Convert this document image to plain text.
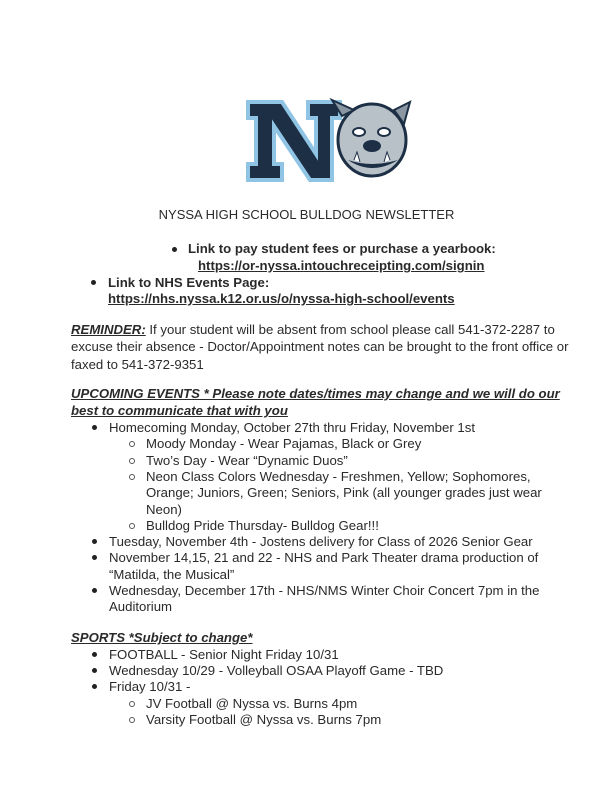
NYSSA HIGH SCHOOL BULLDOG NEWSLETTER
Link to pay student fees or purchase a yearbook:
https://or-nyssa.intouchreceipting.com/signin
Link to NHS Events Page:
https://nhs.nyssa.k12.or.us/o/nyssa-high-school/events
REMINDER: If your student will be absent from school please call 541-372-2287 to
excuse their absence - Doctor/Appointment notes can be brought to the front office or
faxed to 541-372-9351
UPCOMING EVENTS * Please note dates/times may change and we will do our
best to communicate that with you
Homecoming Monday, October 27th thru Friday, November 1st
Moody Monday - Wear Pajamas, Black or Grey
Two’s Day - Wear “Dynamic Duos”
Neon Class Colors Wednesday - Freshmen, Yellow; Sophomores,
Orange; Juniors, Green; Seniors, Pink (all younger grades just wear
Neon)
Bulldog Pride Thursday- Bulldog Gear!!!
Tuesday, November 4th - Jostens delivery for Class of 2026 Senior Gear
November 14,15, 21 and 22 - NHS and Park Theater drama production of
“Matilda, the Musical”
Wednesday, December 17th - NHS/NMS Winter Choir Concert 7pm in the
Auditorium
SPORTS *Subject to change*
FOOTBALL - Senior Night Friday 10/31
Wednesday 10/29 - Volleyball OSAA Playoff Game - TBD
Friday 10/31 -
JV Football @ Nyssa vs. Burns 4pm
Varsity Football @ Nyssa vs. Burns 7pm
